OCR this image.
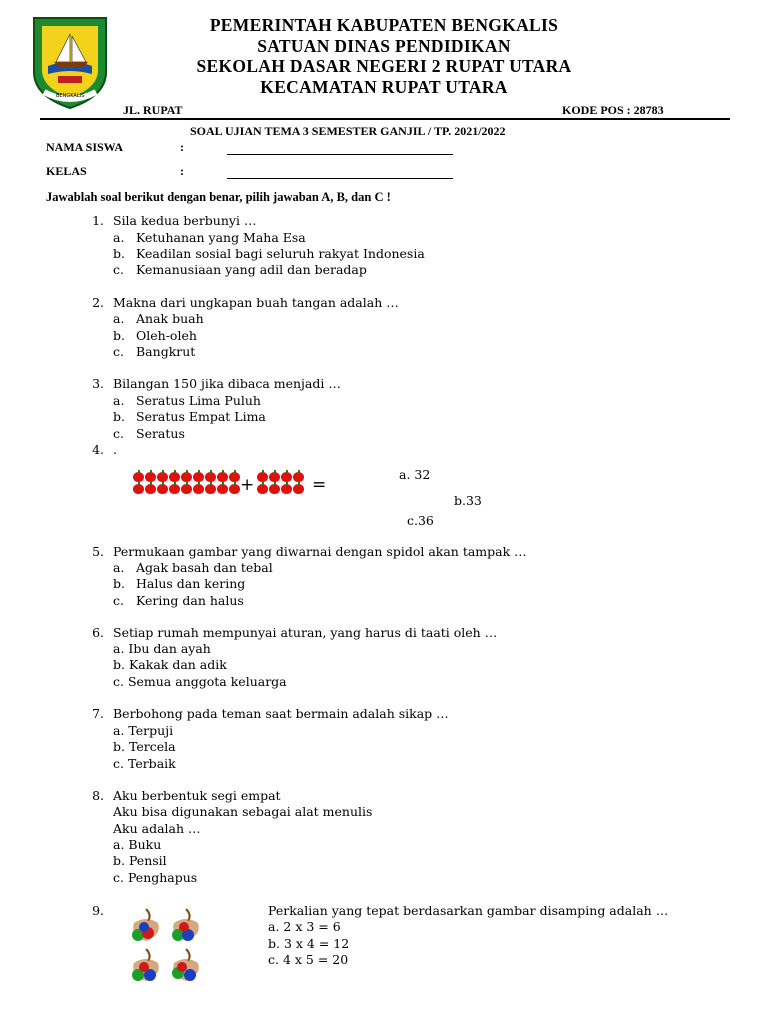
BENGKALIS
PEMERINTAH KABUPATEN BENGKALIS
SATUAN DINAS PENDIDIKAN
SEKOLAH DASAR NEGERI 2 RUPAT UTARA
KECAMATAN RUPAT UTARA
JL. RUPAT	KODE POS : 28783
SOAL UJIAN TEMA 3 SEMESTER GANJIL / TP. 2021/2022
NAMA SISWA	:
KELAS	:
Jawablah soal berikut dengan benar, pilih jawaban A, B, dan C !
1. Sila kedua berbunyi …
a. Ketuhanan yang Maha Esa
b. Keadilan sosial bagi seluruh rakyat Indonesia
c. Kemanusiaan yang adil dan beradap
2. Makna dari ungkapan buah tangan adalah …
a. Anak buah
b. Oleh-oleh
c. Bangkrut
3. Bilangan 150 jika dibaca menjadi …
a. Seratus Lima Puluh
b. Seratus Empat Lima
c. Seratus
4. .
+	=
a. 32
b.33
c.36
5. Permukaan gambar yang diwarnai dengan spidol akan tampak …
a. Agak basah dan tebal
b. Halus dan kering
c. Kering dan halus
6. Setiap rumah mempunyai aturan, yang harus di taati oleh …
a. Ibu dan ayah
b. Kakak dan adik
c. Semua anggota keluarga
7. Berbohong pada teman saat bermain adalah sikap …
a. Terpuji
b. Tercela
c. Terbaik
8. Aku berbentuk segi empat
Aku bisa digunakan sebagai alat menulis
Aku adalah …
a. Buku
b. Pensil
c. Penghapus
9.	Perkalian yang tepat berdasarkan gambar disamping adalah …
a. 2 x 3 = 6
b. 3 x 4 = 12
c. 4 x 5 = 20
